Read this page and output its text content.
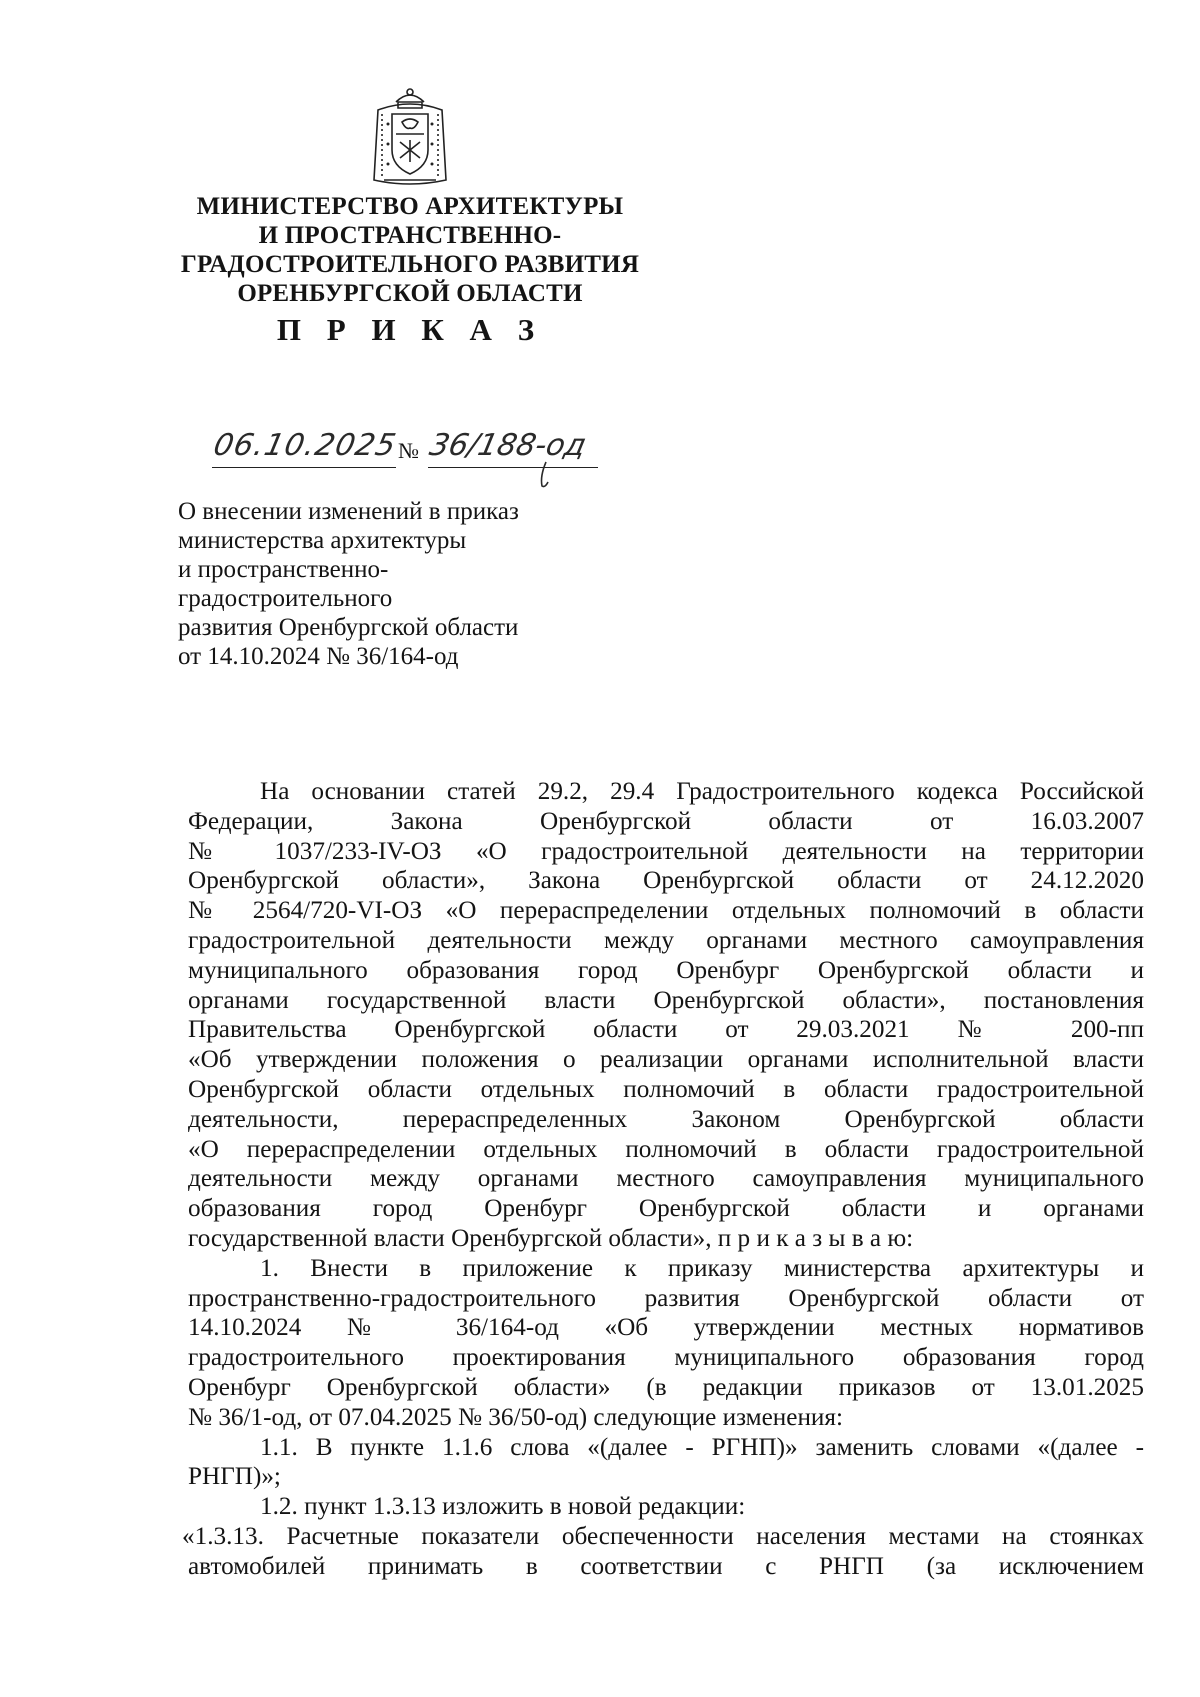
МИНИСТЕРСТВО АРХИТЕКТУРЫ
И ПРОСТРАНСТВЕННО-
ГРАДОСТРОИТЕЛЬНОГО РАЗВИТИЯ
ОРЕНБУРГСКОЙ ОБЛАСТИ
П Р И К А З
06.10.2025
№ 36/188-од
О внесении изменений в приказ
министерства архитектуры
и пространственно-
градостроительного
развития Оренбургской области
от 14.10.2024 № 36/164-од
На основании статей 29.2, 29.4 Градостроительного кодекса Российской
Федерации, Закона Оренбургской области от 16.03.2007
№ 1037/233-IV-ОЗ «О градостроительной деятельности на территории
Оренбургской области», Закона Оренбургской области от 24.12.2020
№ 2564/720-VI-ОЗ «О перераспределении отдельных полномочий в области
градостроительной деятельности между органами местного самоуправления
муниципального образования город Оренбург Оренбургской области и
органами государственной власти Оренбургской области», постановления
Правительства Оренбургской области от 29.03.2021 № 200-пп
«Об утверждении положения о реализации органами исполнительной власти
Оренбургской области отдельных полномочий в области градостроительной
деятельности, перераспределенных Законом Оренбургской области
«О перераспределении отдельных полномочий в области градостроительной
деятельности между органами местного самоуправления муниципального
образования город Оренбург Оренбургской области и органами
государственной власти Оренбургской области», п р и к а з ы в а ю:
1. Внести в приложение к приказу министерства архитектуры и
пространственно-градостроительного развития Оренбургской области от
14.10.2024 № 36/164-од «Об утверждении местных нормативов
градостроительного проектирования муниципального образования город
Оренбург Оренбургской области» (в редакции приказов от 13.01.2025
№ 36/1-од, от 07.04.2025 № 36/50-од) следующие изменения:
1.1. В пункте 1.1.6 слова «(далее - РГНП)» заменить словами «(далее -
РНГП)»;
1.2. пункт 1.3.13 изложить в новой редакции:
«1.3.13. Расчетные показатели обеспеченности населения местами на стоянках
автомобилей принимать в соответствии с РНГП (за исключением
